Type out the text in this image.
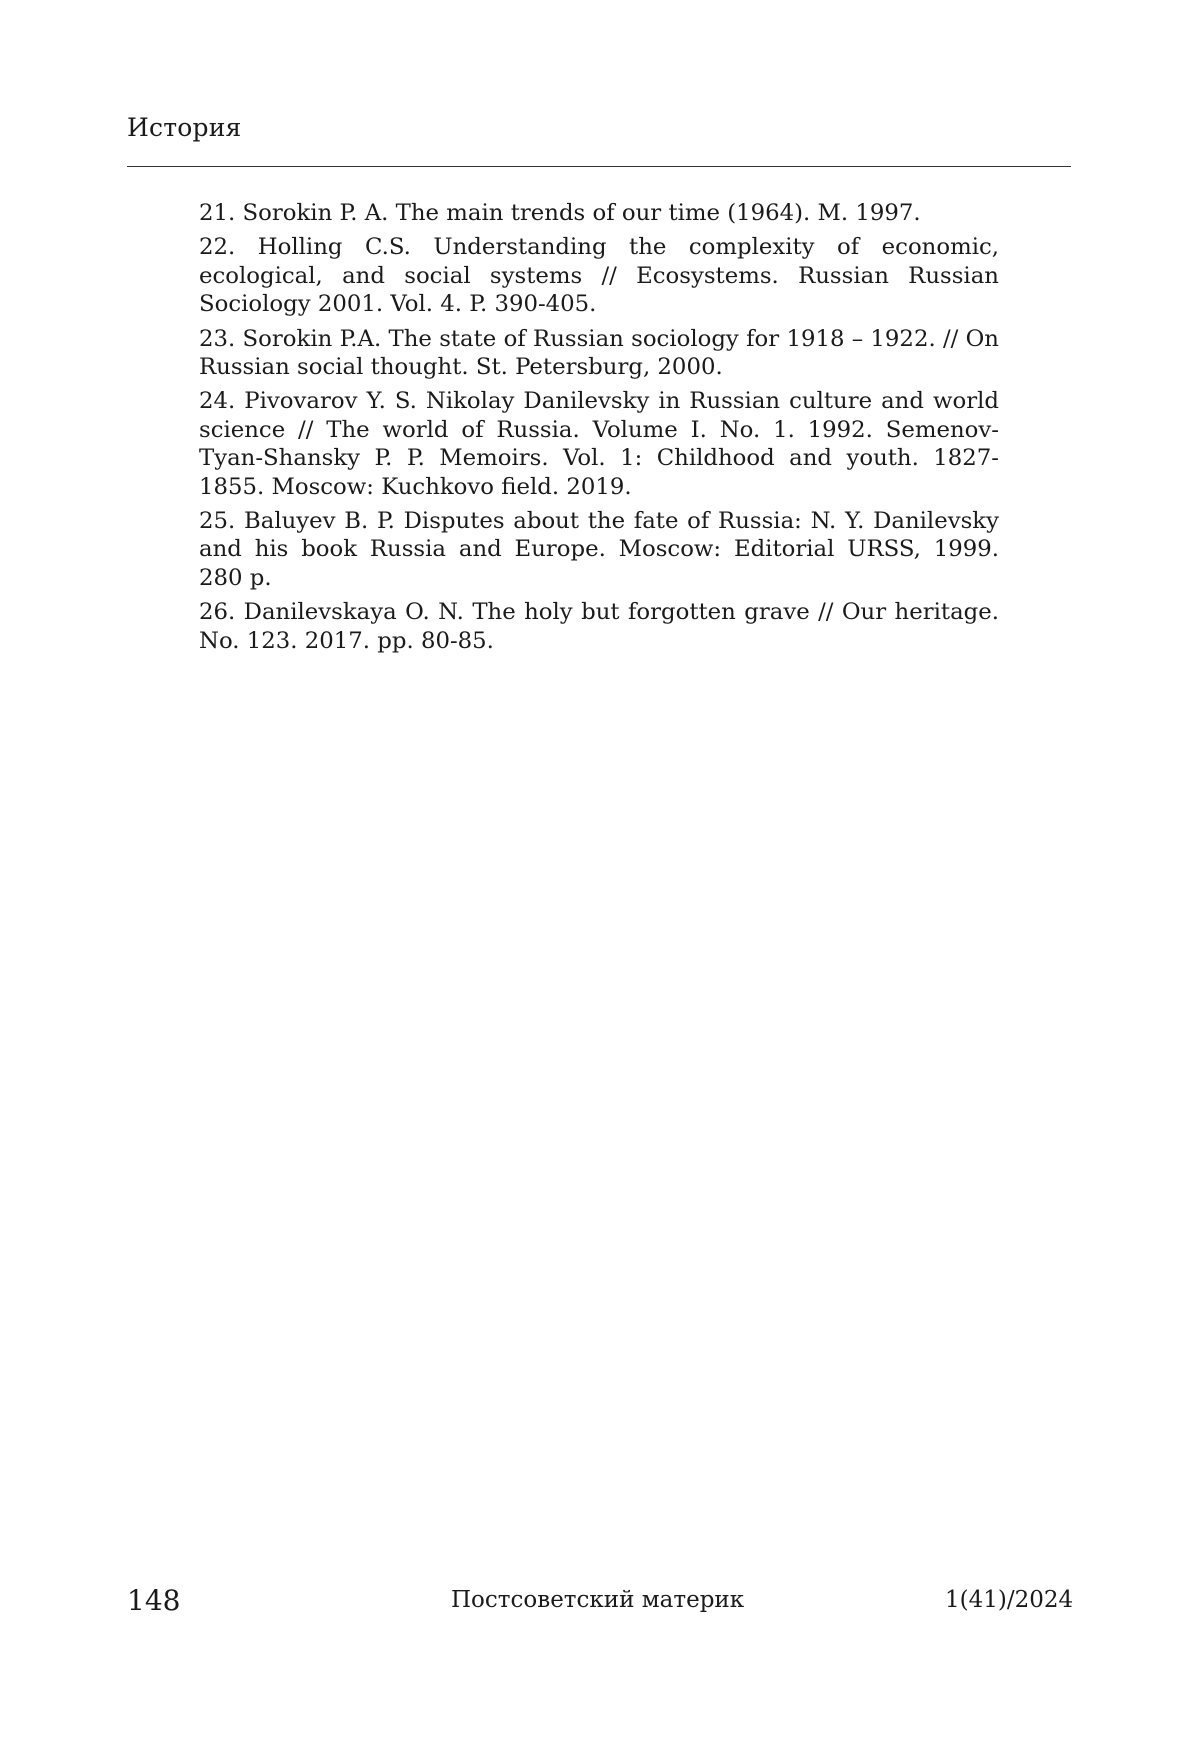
История

21. Sorokin P. A. The main trends of our time (1964). M. 1997.

22. Holling C.S. Understanding the complexity of economic, ecological, and social systems // Ecosystems. Russian Russian Sociology 2001. Vol. 4. P. 390-405.

23. Sorokin P.A. The state of Russian sociology for 1918 – 1922. // On Russian social thought. St. Petersburg, 2000.

24. Pivovarov Y. S. Nikolay Danilevsky in Russian culture and world science // The world of Russia. Volume I. No. 1. 1992. Semenov-Tyan-Shansky P. P. Memoirs. Vol. 1: Childhood and youth. 1827-1855. Moscow: Kuchkovo field. 2019.

25. Baluyev B. P. Disputes about the fate of Russia: N. Y. Danilevsky and his book Russia and Europe. Moscow: Editorial URSS, 1999. 280 p.

26. Danilevskaya O. N. The holy but forgotten grave // Our heritage. No. 123. 2017. pp. 80-85.

148	Постсоветский материк	1(41)/2024
